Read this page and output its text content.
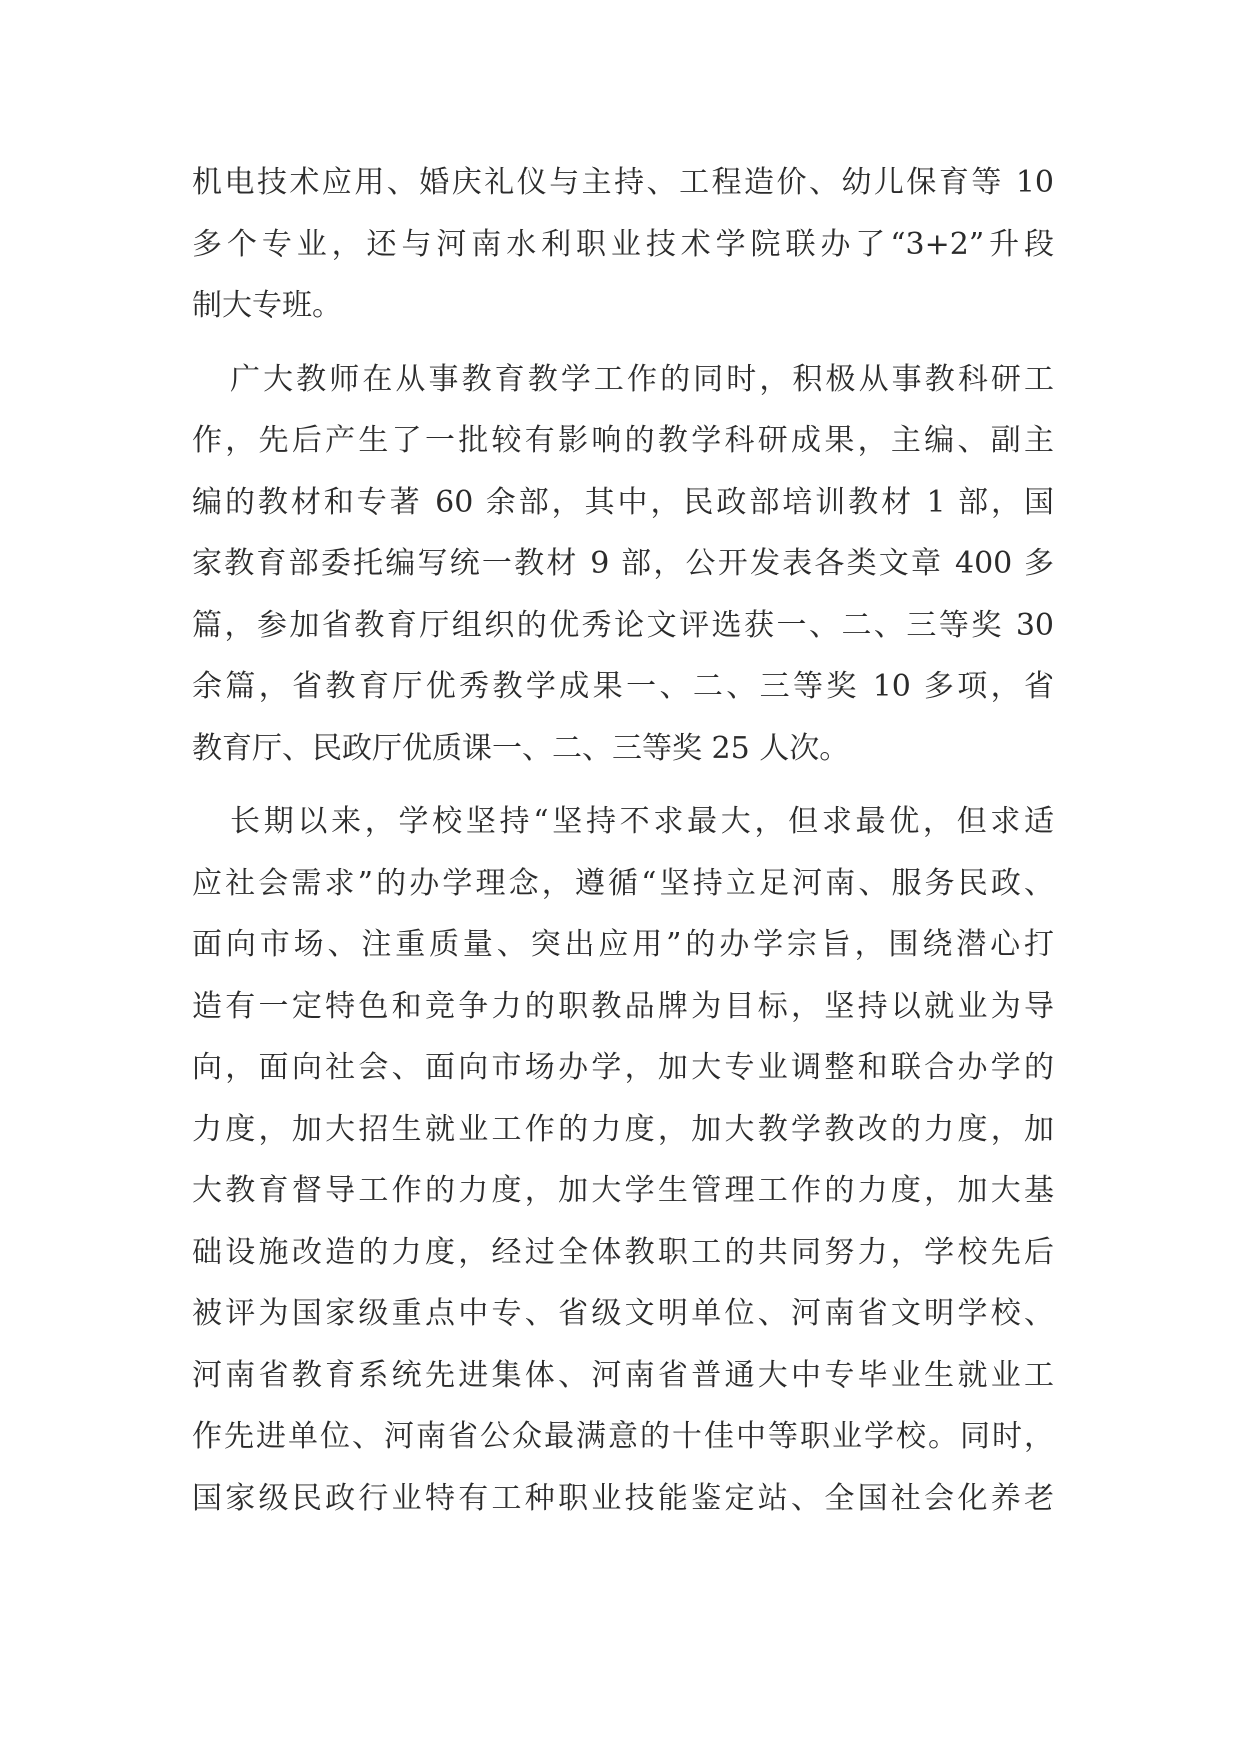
机电技术应用、婚庆礼仪与主持、工程造价、幼儿保育等 10
多个专业，还与河南水利职业技术学院联办了“3+2”升段
制大专班。
广大教师在从事教育教学工作的同时，积极从事教科研工
作，先后产生了一批较有影响的教学科研成果，主编、副主
编的教材和专著 60 余部，其中，民政部培训教材 1 部，国
家教育部委托编写统一教材 9 部，公开发表各类文章 400 多
篇，参加省教育厅组织的优秀论文评选获一、二、三等奖 30
余篇，省教育厅优秀教学成果一、二、三等奖 10 多项，省
教育厅、民政厅优质课一、二、三等奖 25 人次。
长期以来，学校坚持“坚持不求最大，但求最优，但求适
应社会需求”的办学理念，遵循“坚持立足河南、服务民政、
面向市场、注重质量、突出应用”的办学宗旨，围绕潜心打
造有一定特色和竞争力的职教品牌为目标，坚持以就业为导
向，面向社会、面向市场办学，加大专业调整和联合办学的
力度，加大招生就业工作的力度，加大教学教改的力度，加
大教育督导工作的力度，加大学生管理工作的力度，加大基
础设施改造的力度，经过全体教职工的共同努力，学校先后
被评为国家级重点中专、省级文明单位、河南省文明学校、
河南省教育系统先进集体、河南省普通大中专毕业生就业工
作先进单位、河南省公众最满意的十佳中等职业学校。同时，
国家级民政行业特有工种职业技能鉴定站、全国社会化养老
